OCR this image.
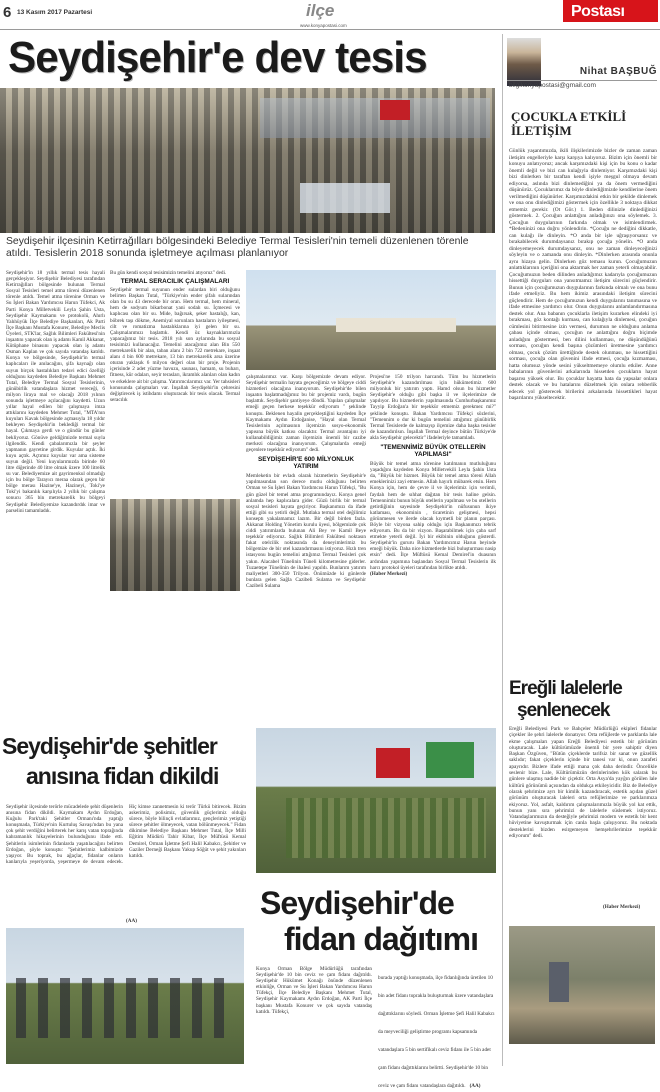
6 13 Kasım 2017 Pazartesi	ilçe
www.konyapostasi.com
Postası
Seydişehir'e dev tesis
Seydişehir ilçesinin Ketirrağılları bölgesindeki Belediye Termal Tesisleri'nin temeli düzenlenen törenle atıldı. Tesislerin 2018 sonunda işletmeye açılması planlanıyor
Seydişehir'in 18 yıllık termal tesis hayali gerçekleşiyor. Seydişehir Belediyesi tarafından Ketirrağılları bölgesinde bulunan Termal Sosyal Tesisleri temel atma töreni düzenlenen törenle atıldı. Temel atma törenine Orman ve Su İşleri Bakan Yardımcısı Harun Tüfekci, Ak Parti Konya Milletvekili Leyla Şahin Usta, Seydişehir Kaymakamı ve protokolü, Ahırlı Yalıhüyük İlçe Belediye Başkanları, Ak Parti İlçe Başkanı Mustafa Konurer, Belediye Meclis Üyeleri, STK'lar, Sağlık Bilimleri Fakültesi'nin inşaatını yapacak olan iş adamı Kamil Akkanat, Kütüphane binasını yapacak olan iş adamı Osman Kaplan ve çok sayıda vatandaş katıldı. Konya ve bölgesinde, Seydişehir'in termal kaplıcaları ile anılacağını, şifa kaynağı olan suyun birçok hastalıkları tedavi edici özelliği olduğunu kaydeden Belediye Başkanı Mehmet Tutal, Belediye Termal Sosyal Tesislerinin, günübirlik vatandaşlara hizmet vereceği, 6 milyon liraya mal ve olacağı 2018 yılının sonunda işletmeye açılacağını kaydetti. Uzun yıllar hayal edilen bir çalışmaya imza attıklarını kaydeden Mehmet Tutal, "MTA'nın kuyuları Kavak bölgesinde açmasıyla 18 yıldır bekleyen Seydişehir'in beklediği termal bir hayal. Çıkmaya gerdi ve o gündür bu günler bekliyoruz. Gönüve geldiğimizde termal suyla ilgilendik. Kendi çabalarımızla bir şeyler yapmanın gayretine girdik. Kuyular açtık. İki kuyu açtık. Açtımız kuyular var ama sisteme suyun değil. Yeni kuyularımızda birinde 60 litre diğerinde 40 litre olmak üzere 100 litrelik su var. Belediyemize ait gayrimenkul olmadığı için bu bölge Tarayıcı meraa olarak geçen bir bölge merası Hazine'ye, Hazineyi, Toki'ye Toki'yi bakanlık karşılıyla 2 yıllık bir çalışma sonucu 365 bin metrekarelik bu bölgeyi Seydişehir Belediyemize kazandırdık imar ve parselini tamamladık.
Bu gün kendi sosyal tesisimizin temelini atıyoruz" dedi.
TERMAL SERACILIK ÇALIŞMALARI
Seydişehir termal suyunun ender sulardan biri olduğunu belirten Başkan Tutal, "Türkiye'nin ender şifalı sularından olan bu su 43 derecede bir oran. Hem termal, hem mineral, hem de sodyum bikarbonat yani sodalı su. İçmecesi ve kaplıcası olan bir su. Mide, bağırsak, şeker hastalığı, kan, böbrek taşı dökme, Anemiyal sorunlara hastaların iyileşmesi, cilt ve romatizma hastalıklarına iyi gelen bir su. Çalışmalarımızı başlattık. Kendi öz kaynaklarımızla yapacağımız bir tesis. 2018 yılı son aylarında bu sosyal tesisimizi kullanacağız. Temelini atacağımız alan Bin 550 metrekarelik bir alan, taban alanı 2 bin 722 metrekare, inşaat alanı 4 bin 600 metrekare, 13 bin metrekarelik arsa üzerine oturan yaklaşık 6 milyon değeri olan bir proje. Projenin içerisinde 2 adet yüzme havuzu, saunası, hamam, su buharı, fitness, kür odaları, seyir terasları, ikramlık alanları olan kadın ve erkeklere ait bir çalışma. Yatırımcılarımız var. Yer tahsisleri konusunda çalışmaları var. İnşallah Seydişehir'in çehresini değiştirecek iş istihdamı oluşturacak bir tesis olacak. Termal seracılık
çalışmalarımız var. Karşı bölgemizde devam ediyor. Seydişehir termalin hayata geçeceğimiz ve bölgeye ciddi hizmetleri olacağına inanıyorum. Seydişehir'de bilen inşaatın başlatmadığımız bu bir projemiz vardı, bugün başlattık. Seydişehir şantiyeye döndü. Yapılan çalışmalar emeği geçen herkese teşekkür ediyorum " şeklinde konuştu. Beklenen hayalin gerçekleştiğini kaydeden İlçe Kaymakamı Aydın Erdoğanise, "Hayal olan Termal Tesislerinin açılmasının ilçemizin sosyo-ekonomik yapısına büyük katkısı olacaktır. Termal avantajını iyi kullanabildiğimiz zaman ilçemizin önemli bir cazibe merkezi olacağına inanıyorum. Çalışmalarda emeği geçenlere teşekkür ediyorum" dedi.
SEYDİŞEHİR'E 600 MİLYONLUK YATIRIM
Memleketin bir evladı olarak hizmetlerin Seydişehir'e yapılmasından son derece mutlu olduğunu belirten Orman ve Su İşleri Bakan Yardımcısı Harun Tüfekçi, "Bu gün güzel bir temel atma programındayız. Konya genel anlamda hep kaplıcalara gider. Güzü birlik bir termal sosyal tesisleri hayata geçiriyor. Başkanımızı da ifade ettiği gibi su yetirli değil. Mutlaka termal otel değilimiz konseptı yakalamamız lazım. Bir değil birden fazla. Akkanat Holding Yönetim kurulu üyesi, bölgemizde çok ciddi yatırımlarda bulunan Ali Bey ve Kamil Beye teşekkür ediyoruz. Sağlık Bilimleri Fakültesi noktasın fakat otelcilik noktasında da deneyimlerimiz bu bölgemize de bir otel kazandırmasını istiyoruz. Hızlı tren istasyonu bugün temelini attığımız Termal Tesisleri çok yakın. Alacabel Tünelinin Tüneli kilometresine giderler. Tuzaetepe Tünelinin de ihalesi yapıldı. Bunlarım yatırım maliyetleri 300-350 Trilyon. Önümüzde ki günlerde bunlara gelen Sağla Cazibeli Sulama ve Seydişehir Cazibeli Sulama
Projesi'ne 150 trilyon harcandı. Tüm bu hizmetlerin Seydişehir'e kazandırılması için hükümetimiz 600 milyonluk bir yatırım yaptı. Hamd olsun bu hizmetler Seydişehir'e olduğu gibi başka il ve ilçelerimize de yapılıyor. Bu hizmetlerin yapılmasında Cumhurbaşkanımız Tayyip Erdoğan'a bir teşekkür etmemiz gerekmez mi?" şeklinde konuştu. Bakan Yardımcısı Tüfekçi sözlerini, "Temennim o dur ki bugün temelini attığımız günübirlik Termal Tesislerde de kalmayıp ilçemize daha başka tesisler de kazandırılsın. İnşallah Termal deyince bütün Türkiye'de akla Seydişehir gelecektir" ifadeleriyle tamamladı.
"TEMENNİMİZ BÜYÜK OTELLERİN YAPILMASI"
Büyük bir temel atma törenine katılmanın mutluluğunu yaşadığını kaydeden Konya Milletvekili Leyla Şahin Usta da, "Büyük bir hizmet. Büyük bir temel atma töreni Allah emeklerinizi zayi etmesin. Allah hayırlı mübarek etsin. Hem Konya için, hem de çevre il ve ilçelerimiz için verimli, faydalı hem de sıhhat dağıtan bir tesis haline gelsin. Temennimiz bunun büyük otellerin yapılması ve bu otellerin getirdiğinin sayesinde Seydişehir'in nüfusunun ikiye katlaması, ekonominin , ticaretinin gelişmesi, hepsi görünmesen ve ilerde olacak kıymetli bir planın parçası. Böyle bir vizyona sahip olduğu için Başkanımızı tebrik ediyorum. Bu da bir vizyon. Başarabilmek için çaba sarf etmekte yeterli değil. İyi bir ekibinin olduğunu gösterdi. Seydişehir'in gururu Bakan Yardımcımız Harun beyinde emeği büyük. Daha nice hizmetlerde bizi buluşturması nasip etsin" dedi. İlçe Müftüsü Kemal Demirel'in duasının ardından yapımına başlandan Sosyal Termal Tesislerin ilk harcı protokol üyeleri tarafından birlikte atıldı.
(Haber Merkezi)
Nihat BAŞBUĞ
bilgikonyapostasi@gmail.com
ÇOCUKLA ETKİLİ İLETİŞİM
Günlük yaşantımızda, ikili ilişkilerimizde bizler de zaman zaman iletişim engelleriyle karşı karşıya kalıyoruz. Bizim için önemli bir konuyu anlatıyoruz; ancak karşımızdaki kişi için bu konu o kadar önemli değil ve bizi can kulağıyla dinlemiyor. Karşımızdaki kişi bizi dinlerken bir taraftan kendi işiyle meşgul olmaya devam ediyorsa, aslında bizi dinlemediğini ya da önem vermediğini düşünürüz. Çocuklarımız da böyle dinlediğimizde kendilerine önem verilmediğini düşünürler. Karşımızdakini etkin bir şekilde dinlemek ve ona onu dinlediğimizi göstermek için özellikle 3 noktaya dikkat etmemiz gerekir. (Ot Gör.) 1. Beden dilinizle dinlediğinizi göstermek. 2. Çocuğun anlattığını anladığınızı ona söylemek. 3. Çocuğun duygularının farkında olmak ve isimlendirmek. *Bedeninizi ona doğru yönlendirin. *Çocuğu ne dediğini dikkatle, can kulağı ile dinleyin. *O anda bir işle uğraşıyorsanız ve bırakabilecek durumdaysanız bırakıp çocuğa yönelin. *O anda dinleyemeyecek durumdaysanız, onu ne zaman dinleyeceğinizi söyleyin ve o zamanda onu dinleyin. *Dinlerken arasında onunla aynı hizaya gelin. Dinlerken göz temasu kurun. Çocuğumuzun anlattıklarının içeriğini ona aktarmak her zaman yeterli olmayabilir. Çocuğumuzun beden dilinden anladığımız kadarıyla çocuğumuzun hissettiği duyguları ona yansıtmamız iletişim sürecini güçlendirir. Bunun için çocuğumuzun duygularının farkında olmalı ve ona bunu ifade etmeliyiz. Bu hem ikimiz arasındaki iletişim sürecini güçlendirir. Hem de çocuğumuzun kendi duygularını tanımasına ve ifade etmesine yardımcı olur. Onun duygularını anlamlandırmasına destek olur. Ana babanın çocuklarla iletişim kurarken elindeki iyi bırakması, göz kontağı kurması, can kulağıyla dinlemesi, çocuğun cümlesini bitirmesine izin vermesi, durumun ne olduğunu anlama çabası içinde olması, çocuğun ne anlattığını doğru biçimde anladığını göstermesi, ben dilini kullanması, ne düşündüğünü sorması, çocuğun kendi başına çözümleri üretmesine yardımcı olması, çocuk çözüm ürettiğinde destek olunması, ne hissettiğini sorması, çocuğa olan güvenini ifade etmesi, çocuğa kızmaması, hatta olumsuz yönde sesini yükseltmemeye olumlu etkiler. Anne babalarının güvenlerini arkalarında hissetden çocukların hayat başarısı yüksek olur. Bu çocuklar hayatta hata da yapsalar onlara destek olacak ve bu hatalarını düzeltmek için onlara rehberlik edecek yol gösterecek birilerini arkalarında hissettikleri hayat başarılarını yükseltecektir.
Ereğli lalelerle
şenlenecek
Ereğli Belediyesi Park ve Bahçeler Müdürlüğü ekipleri fidanlar çiçekler ile şehri lalelerle donatıyor. Orta refüjlerde ve parklarda lale ekme çalışmaları yapan Ereğli Belediyesi estetik bir görünüm oluşturacak. Lale kültürümüzde önemli bir yere sahiptir diyen Başkan Özgüven, "Bütün çiçeklerde tarifsiz bir sanat ve güzellik saklıdır; fakat çiçeklerin içinde bir tanesi var ki, onun zarafeti apayrıdır. Bizlere ifade ettiği mana çok daha derindir. Öncelikle seslenir bize. Lale, Kültürümüzün derinlerinden kök salarak bu günlere ulaşmış nadide bir çiçektir. Orta Asya'da yayğın görülen lale kültürü görünümü açısından da oldukça etkileyicidir. Biz de Belediye olarak şehrimize ayrı bir kimlik kazandıracak, estetik açıdan güzel görünüm oluşturacak laleleri orta refüjlerimize ve parklarımıza ekiyoruz. Yol, asfalt, kaldırım çalışmalarımızla büyük yol kat ettik, bunun yanı sıra şehrimizi de lalelerle süslemek istiyoruz. Vatandaşlarımızın da desteğiyle şehrimizi modern ve estetik bir kent hüviyetine kavuşturmak için canla başla çalışıyoruz. Bu noktada desteklerini bizden esirgemeyen hemşehrilerimize teşekkür ediyorum" dedi.
(Haber Merkezi)
Seydişehir'de şehitler
anısına fidan dikildi
Seydişehir ilçesinde terörle mücadelede şehit düşenlerin anısına fidan dikildi. Kaymakam Aydın Erdoğan, Kuğulu Park'taki Şehitler Ormanı'nda yaptığı konuşmada, Türkiye'nin Kurtuluş Savaşı'ndan bu yana çok şehit verdiğini belirterek her karış vatan toprağında kahramanlık hikayelerinin bulunduğunu ifade etti. Şehitlerin isimlerinin fidanlarda yaşatılacağını belirten Erdoğan, şöyle konuştu: "Şehitlerimiz kalbimizde yaşıyor. Bu toprak, bu ağaçlar, fidanlar onların kanlarıyla yeşeriyorda, yeşermeye de devam edecek. Hiç kimse zannetmesin ki terör Türkü bitirecek. Bizim askerimiz, polisimiz, güvenlik güçlerimiz olduğu sürece, böyle bilinçli evlatlarımız, gençlerimiz yetiştiği sürece şehitler ölmeyecek, vatan bölünmeyecek." Fidan dikimine Belediye Başkanı Mehmet Tutal, İlçe Milli Eğitim Müdürü Tahir Kibar, İlçe Müftüsü Kemal Demirel, Orman İşletme Şefi Halil Kabakcı, Şehitler ve Gaziler Derneği Başkanı Yakup Söğüt ve şehit yakınları katıldı.
(AA)	Seydişehir'de
fidan dağıtımı
Konya Orman Bölge Müdürlüğü tarafından Seydişehir'de 10 bin ceviz ve çam fidanı dağıtıldı. Seydişehir Hükümet Konağı önünde düzenlenen etkinliğe, Orman ve Su İşleri Bakan Yardımcısı Harun Tüfekçi, İlçe Belediye Başkanı Mehmet Tutal, Seydişehir Kaymakamı Aydın Erdoğan, AK Parti İlçe başkanı Mustafa Konurer ve çok sayıda vatandaş katıldı. Tüfekçi,
burada yaptığı konuşmada, ilçe fidanlığında üretilen 10 bin adet fidanı toprakla buluşturmak üzere vatandaşlara dağıttıklarını söyledi. Orman İşletme Şefi Halil Kabakcı da meyveciliği geliştirme programı kapsamında vatandaşlara 5 bin sertifikalı ceviz fidanı ile 5 bin adet çam fidanı dağıttıklarını belirtti. Seydişehir'de 10 bin ceviz ve çam fidanı vatandaşlara dağıtıldı. (AA)
